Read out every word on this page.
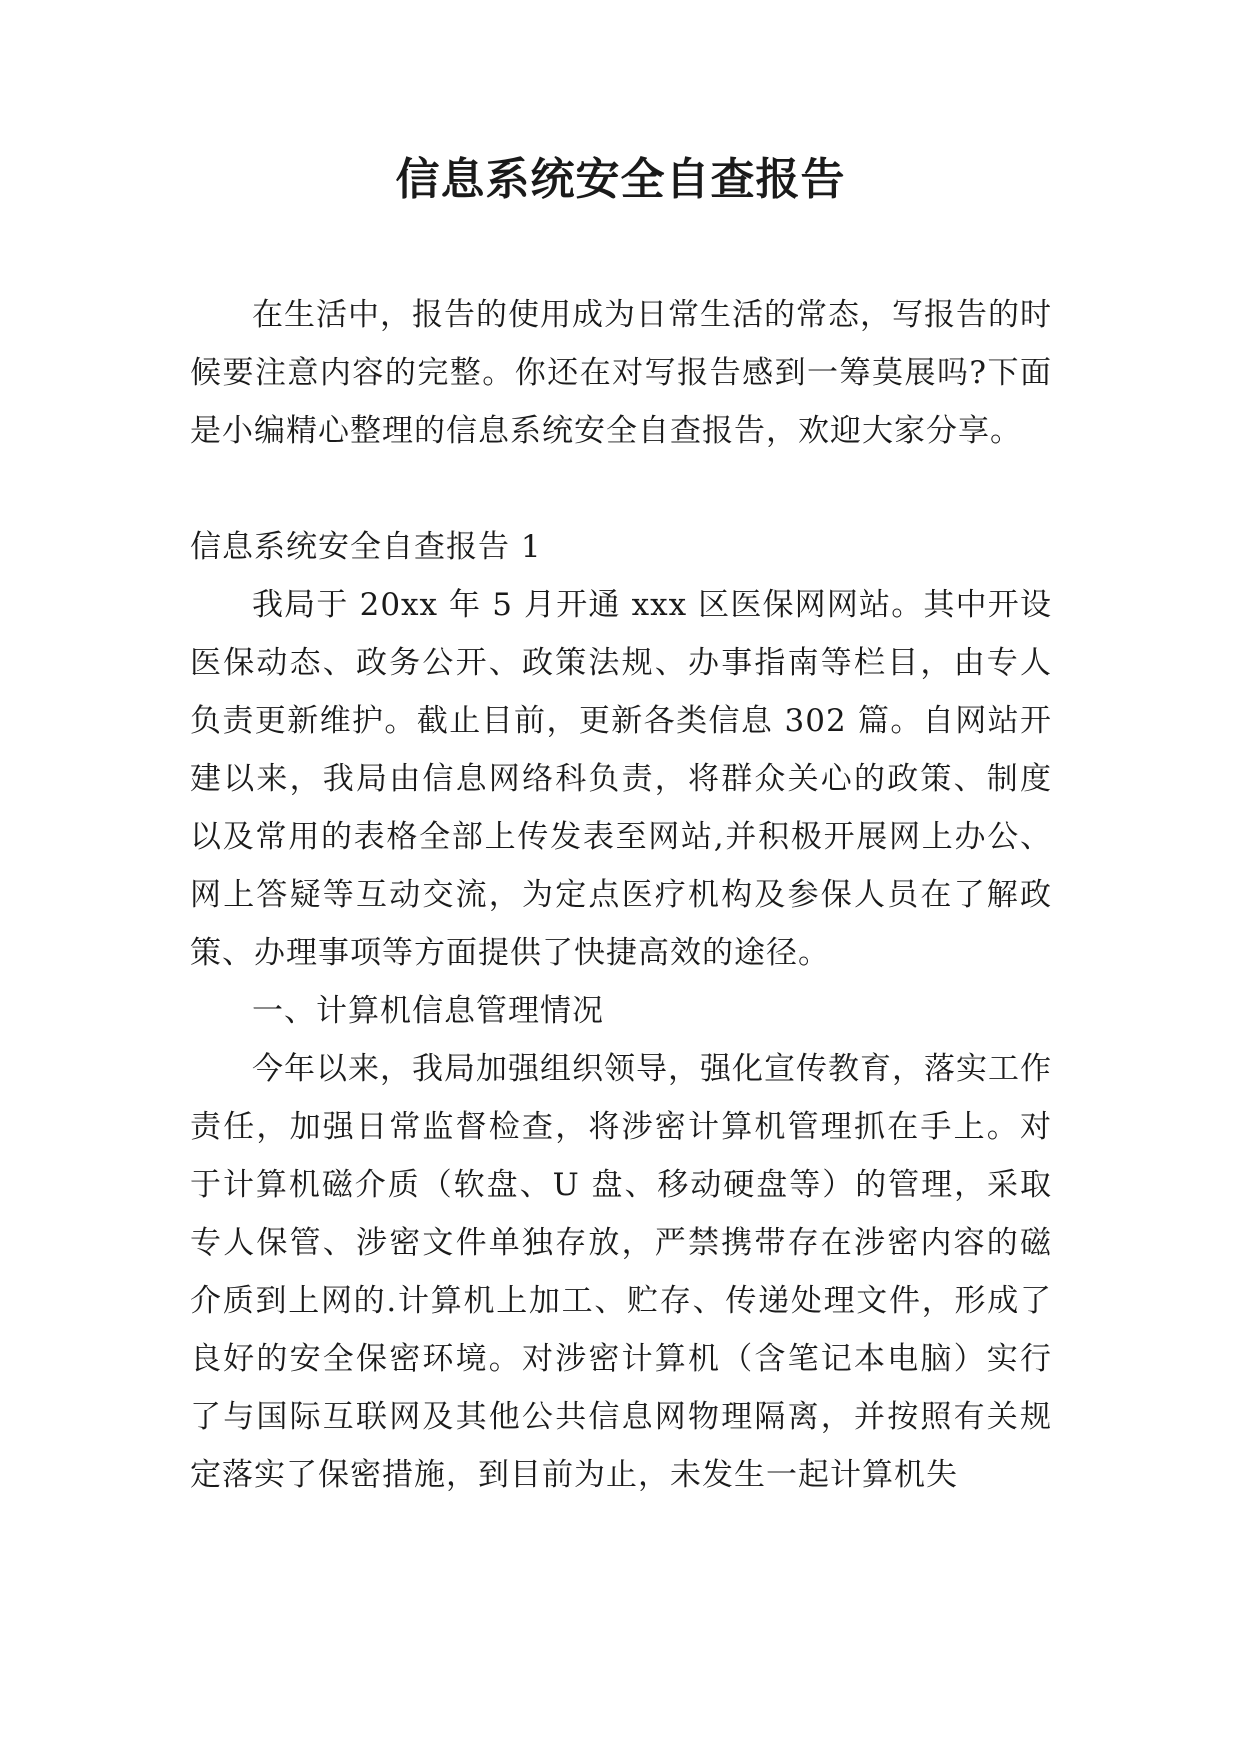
信息系统安全自查报告

在生活中，报告的使用成为日常生活的常态，写报告的时候要注意内容的完整。你还在对写报告感到一筹莫展吗?下面是小编精心整理的信息系统安全自查报告，欢迎大家分享。

信息系统安全自查报告 1

我局于 20xx 年 5 月开通 xxx 区医保网网站。其中开设医保动态、政务公开、政策法规、办事指南等栏目，由专人负责更新维护。截止目前，更新各类信息 302 篇。自网站开建以来，我局由信息网络科负责，将群众关心的政策、制度以及常用的表格全部上传发表至网站,并积极开展网上办公、网上答疑等互动交流，为定点医疗机构及参保人员在了解政策、办理事项等方面提供了快捷高效的途径。

一、计算机信息管理情况

今年以来，我局加强组织领导，强化宣传教育，落实工作责任，加强日常监督检查，将涉密计算机管理抓在手上。对于计算机磁介质（软盘、U 盘、移动硬盘等）的管理，采取专人保管、涉密文件单独存放，严禁携带存在涉密内容的磁介质到上网的.计算机上加工、贮存、传递处理文件，形成了良好的安全保密环境。对涉密计算机（含笔记本电脑）实行了与国际互联网及其他公共信息网物理隔离，并按照有关规定落实了保密措施，到目前为止，未发生一起计算机失
